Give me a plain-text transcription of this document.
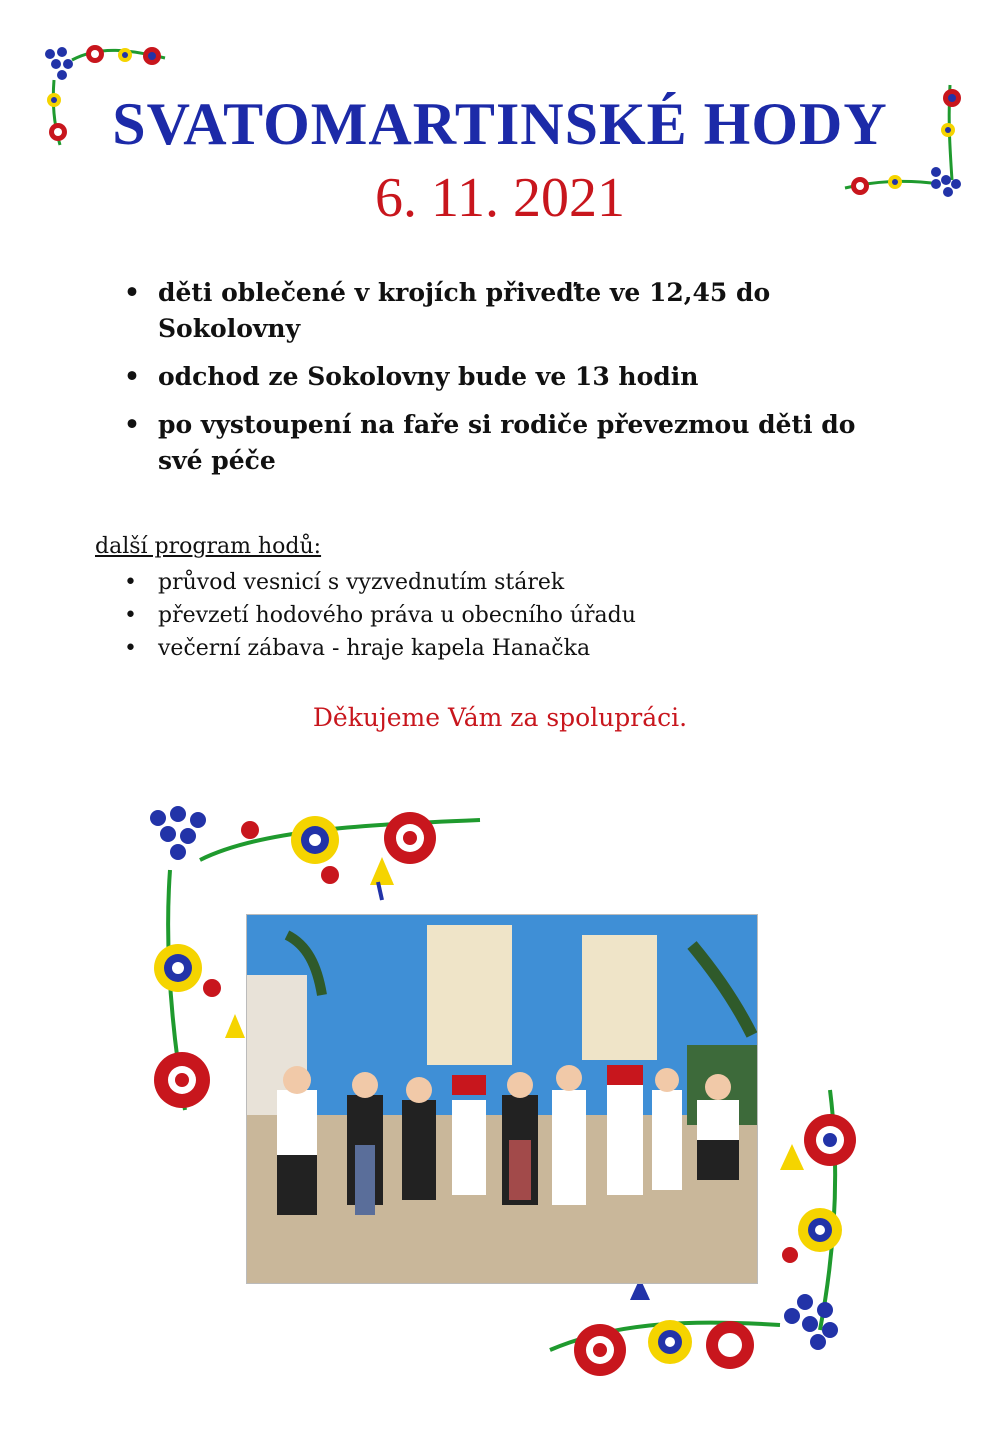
SVATOMARTINSKÉ HODY
6. 11. 2021
• děti oblečené v krojích přiveďte ve 12,45 do
Sokolovny
• odchod ze Sokolovny bude ve 13 hodin
• po vystoupení na faře si rodiče převezmou děti do
své péče
další program hodů:
• průvod vesnicí s vyzvednutím stárek
• převzetí hodového práva u obecního úřadu
• večerní zábava - hraje kapela Hanačka
Děkujeme Vám za spolupráci.
